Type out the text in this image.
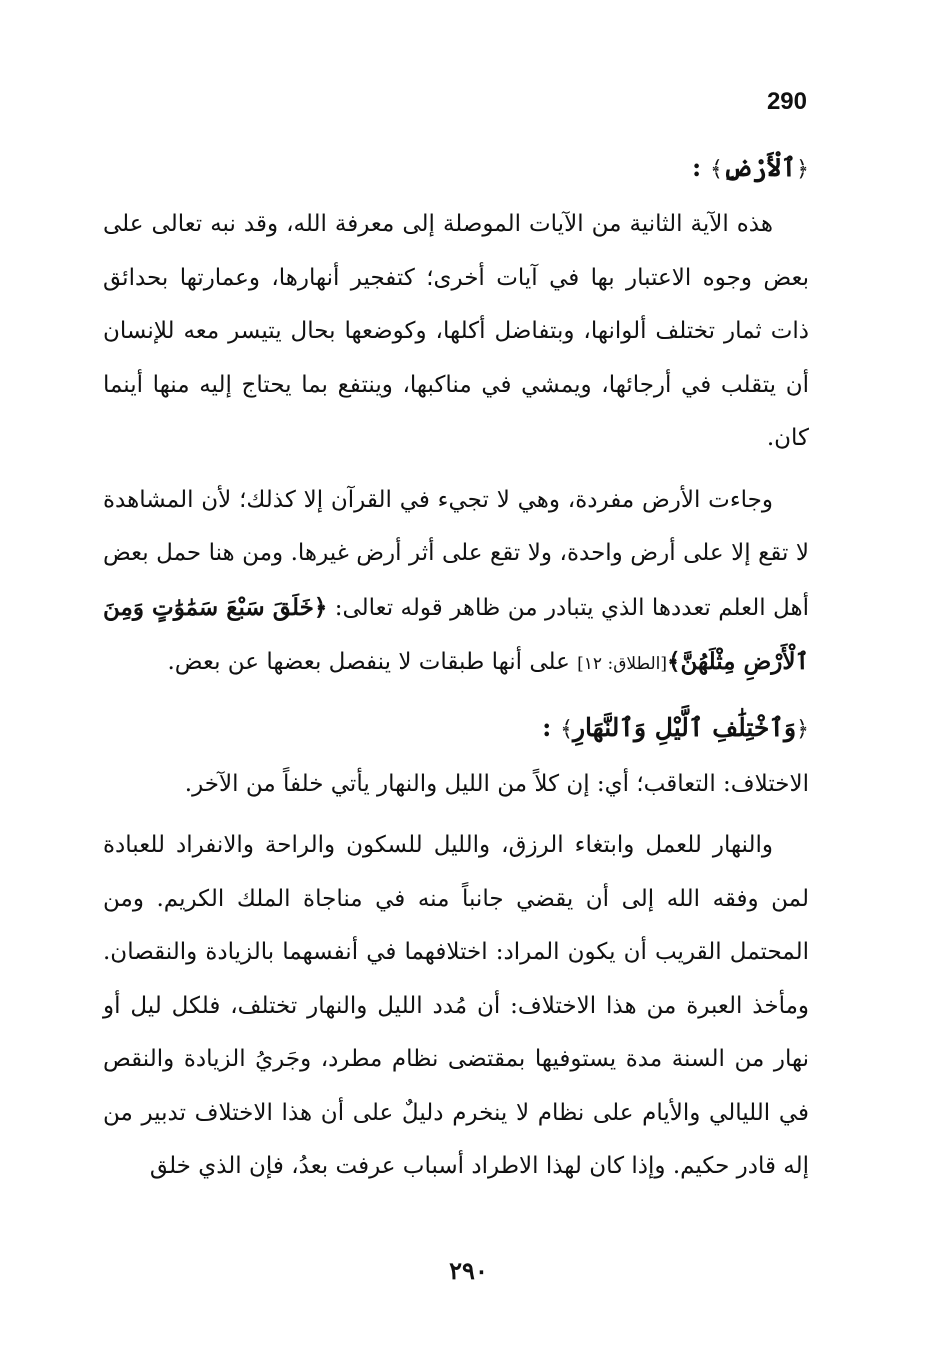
290

﴿ٱلْأَرْضِ﴾ :

هذه الآية الثانية من الآيات الموصلة إلى معرفة الله، وقد نبه تعالى على بعض وجوه الاعتبار بها في آيات أخرى؛ كتفجير أنهارها، وعمارتها بحدائق ذات ثمار تختلف ألوانها، وبتفاضل أكلها، وكوضعها بحال يتيسر معه للإنسان أن يتقلب في أرجائها، ويمشي في مناكبها، وينتفع بما يحتاج إليه منها أينما كان.

وجاءت الأرض مفردة، وهي لا تجيء في القرآن إلا كذلك؛ لأن المشاهدة لا تقع إلا على أرض واحدة، ولا تقع على أثر أرض غيرها. ومن هنا حمل بعض أهل العلم تعددها الذي يتبادر من ظاهر قوله تعالى: ﴿خَلَقَ سَبْعَ سَمَٰوَٰتٍ وَمِنَ ٱلْأَرْضِ مِثْلَهُنَّ﴾[الطلاق: ١٢] على أنها طبقات لا ينفصل بعضها عن بعض.

﴿وَٱخْتِلَٰفِ ٱلَّيْلِ وَٱلنَّهَارِ﴾ :

الاختلاف: التعاقب؛ أي: إن كلاً من الليل والنهار يأتي خلفاً من الآخر.

والنهار للعمل وابتغاء الرزق، والليل للسكون والراحة والانفراد للعبادة لمن وفقه الله إلى أن يقضي جانباً منه في مناجاة الملك الكريم. ومن المحتمل القريب أن يكون المراد: اختلافهما في أنفسهما بالزيادة والنقصان. ومأخذ العبرة من هذا الاختلاف: أن مُدد الليل والنهار تختلف، فلكل ليل أو نهار من السنة مدة يستوفيها بمقتضى نظام مطرد، وجَريُ الزيادة والنقص في الليالي والأيام على نظام لا ينخرم دليلٌ على أن هذا الاختلاف تدبير من إله قادر حكيم. وإذا كان لهذا الاطراد أسباب عرفت بعدُ، فإن الذي خلق

٢٩٠
